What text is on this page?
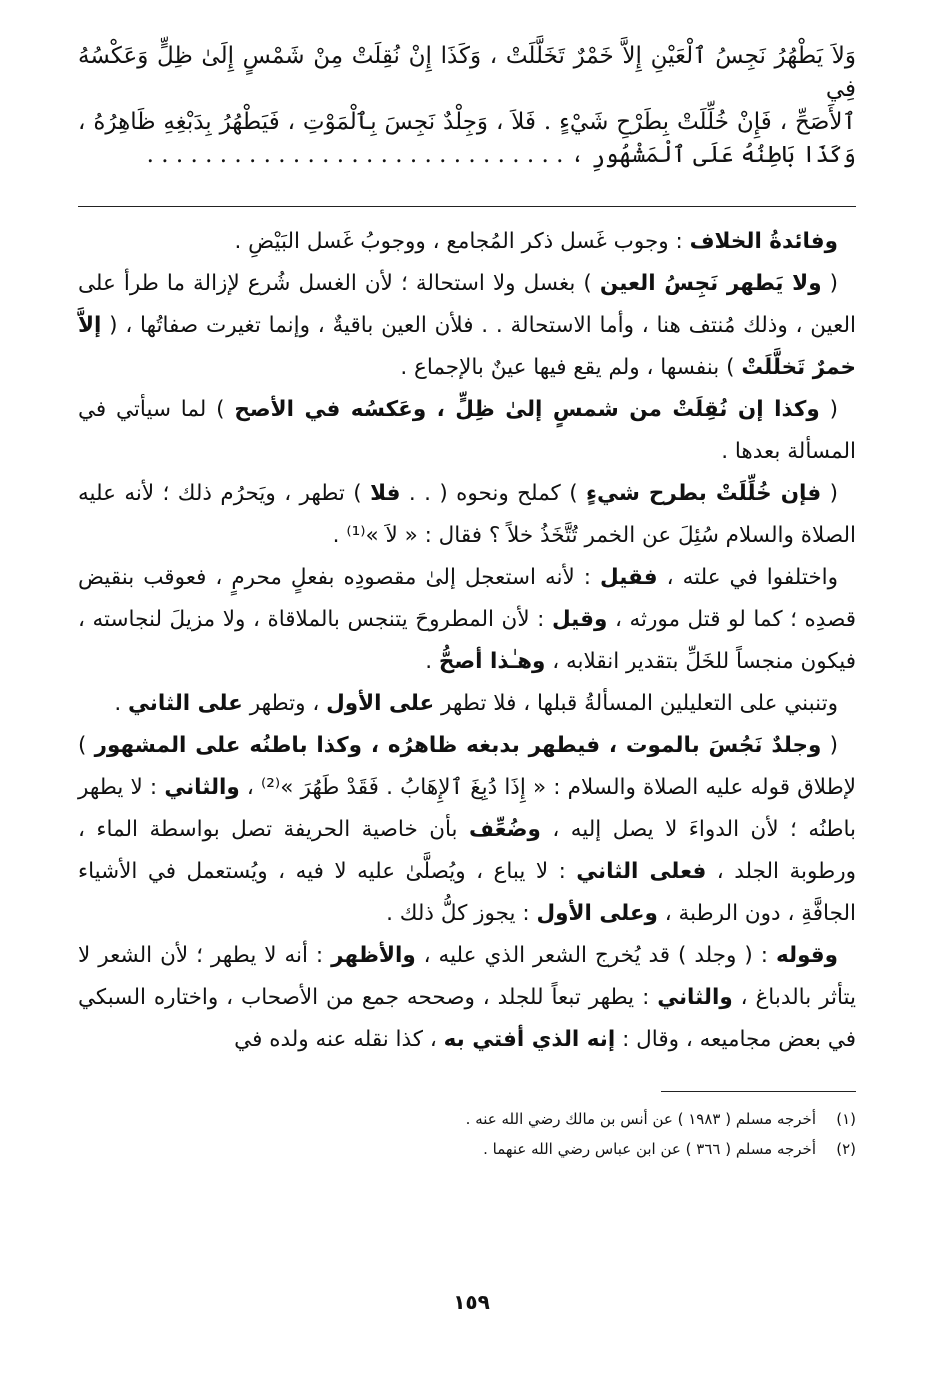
وَلاَ يَطْهُرُ نَجِسُ ٱلْعَيْنِ إِلاَّ خَمْرٌ تَخَلَّلَتْ ، وَكَذَا إِنْ نُقِلَتْ مِنْ شَمْسٍ إِلَىٰ ظِلٍّ وَعَكْسُهُ فِي
ٱلأَصَحِّ ، فَإِنْ خُلِّلَتْ بِطَرْحِ شَيْءٍ . فَلاَ ، وَجِلْدٌ نَجِسَ بِٱلْمَوْتِ ، فَيَطْهُرُ بِدَبْغِهِ ظَاهِرُهُ ،
وَكَذَا بَاطِنُهُ عَلَى ٱلْمَشْهُورِ ، . . . . . . . . . . . . . . . . . . . . . . . . . . . . .

وفائدةُ الخلاف : وجوب غَسل ذكر المُجامع ، ووجوبُ غَسل البَيْضِ .

( ولا يَطهر نَجِسُ العين ) بغسل ولا استحالة ؛ لأن الغسل شُرع لإزالة ما طرأ على العين ، وذلك مُنتف هنا ، وأما الاستحالة . . فلأن العين باقيةٌ ، وإنما تغيرت صفاتُها ، ( إلاَّ خمرٌ تَخلَّلَتْ ) بنفسها ، ولم يقع فيها عينٌ بالإجماع .

( وكذا إن نُقِلَتْ من شمسٍ إلىٰ ظِلٍّ ، وعَكسُه في الأصح ) لما سيأتي في المسألة بعدها .

( فإن خُلِّلَتْ بطرح شيءٍ ) كملح ونحوه ( . . فلا ) تطهر ، ويَحرُم ذلك ؛ لأنه عليه الصلاة والسلام سُئِلَ عن الخمر تُتَّخَذُ خلاً ؟ فقال : « لاَ »⁽¹⁾ .

واختلفوا في علته ، فقيل : لأنه استعجل إلىٰ مقصودِه بفعلٍ محرمٍ ، فعوقب بنقيض قصدِه ؛ كما لو قتل مورثه ، وقيل : لأن المطروحَ يتنجس بالملاقاة ، ولا مزيلَ لنجاسته ، فيكون منجساً للخَلِّ بتقدير انقلابه ، وهـٰذا أصحُّ .

وتنبني على التعليلين المسألةُ قبلها ، فلا تطهر على الأول ، وتطهر على الثاني .

( وجلدٌ نَجُسَ بالموت ، فيطهر بدبغه ظاهرُه ، وكذا باطنُه على المشهور ) لإطلاق قوله عليه الصلاة والسلام : « إِذَا دُبِغَ ٱلإِهَابُ . فَقَدْ طَهُرَ »⁽²⁾ ، والثاني : لا يطهر باطنُه ؛ لأن الدواءَ لا يصل إليه ، وضُعِّف بأن خاصية الحريفة تصل بواسطة الماء ، ورطوبة الجلد ، فعلى الثاني : لا يباع ، ويُصلَّىٰ عليه لا فيه ، ويُستعمل في الأشياء الجافَّةِ ، دون الرطبة ، وعلى الأول : يجوز كلُّ ذلك .

وقوله : ( وجلد ) قد يُخرج الشعر الذي عليه ، والأظهر : أنه لا يطهر ؛ لأن الشعر لا يتأثر بالدباغ ، والثاني : يطهر تبعاً للجلد ، وصححه جمع من الأصحاب ، واختاره السبكي في بعض مجاميعه ، وقال : إنه الذي أفتي به ، كذا نقله عنه ولده في

(١)
أخرجه مسلم ( ١٩٨٣ ) عن أنس بن مالك رضي الله عنه .
(٢)
أخرجه مسلم ( ٣٦٦ ) عن ابن عباس رضي الله عنهما .
١٥٩
